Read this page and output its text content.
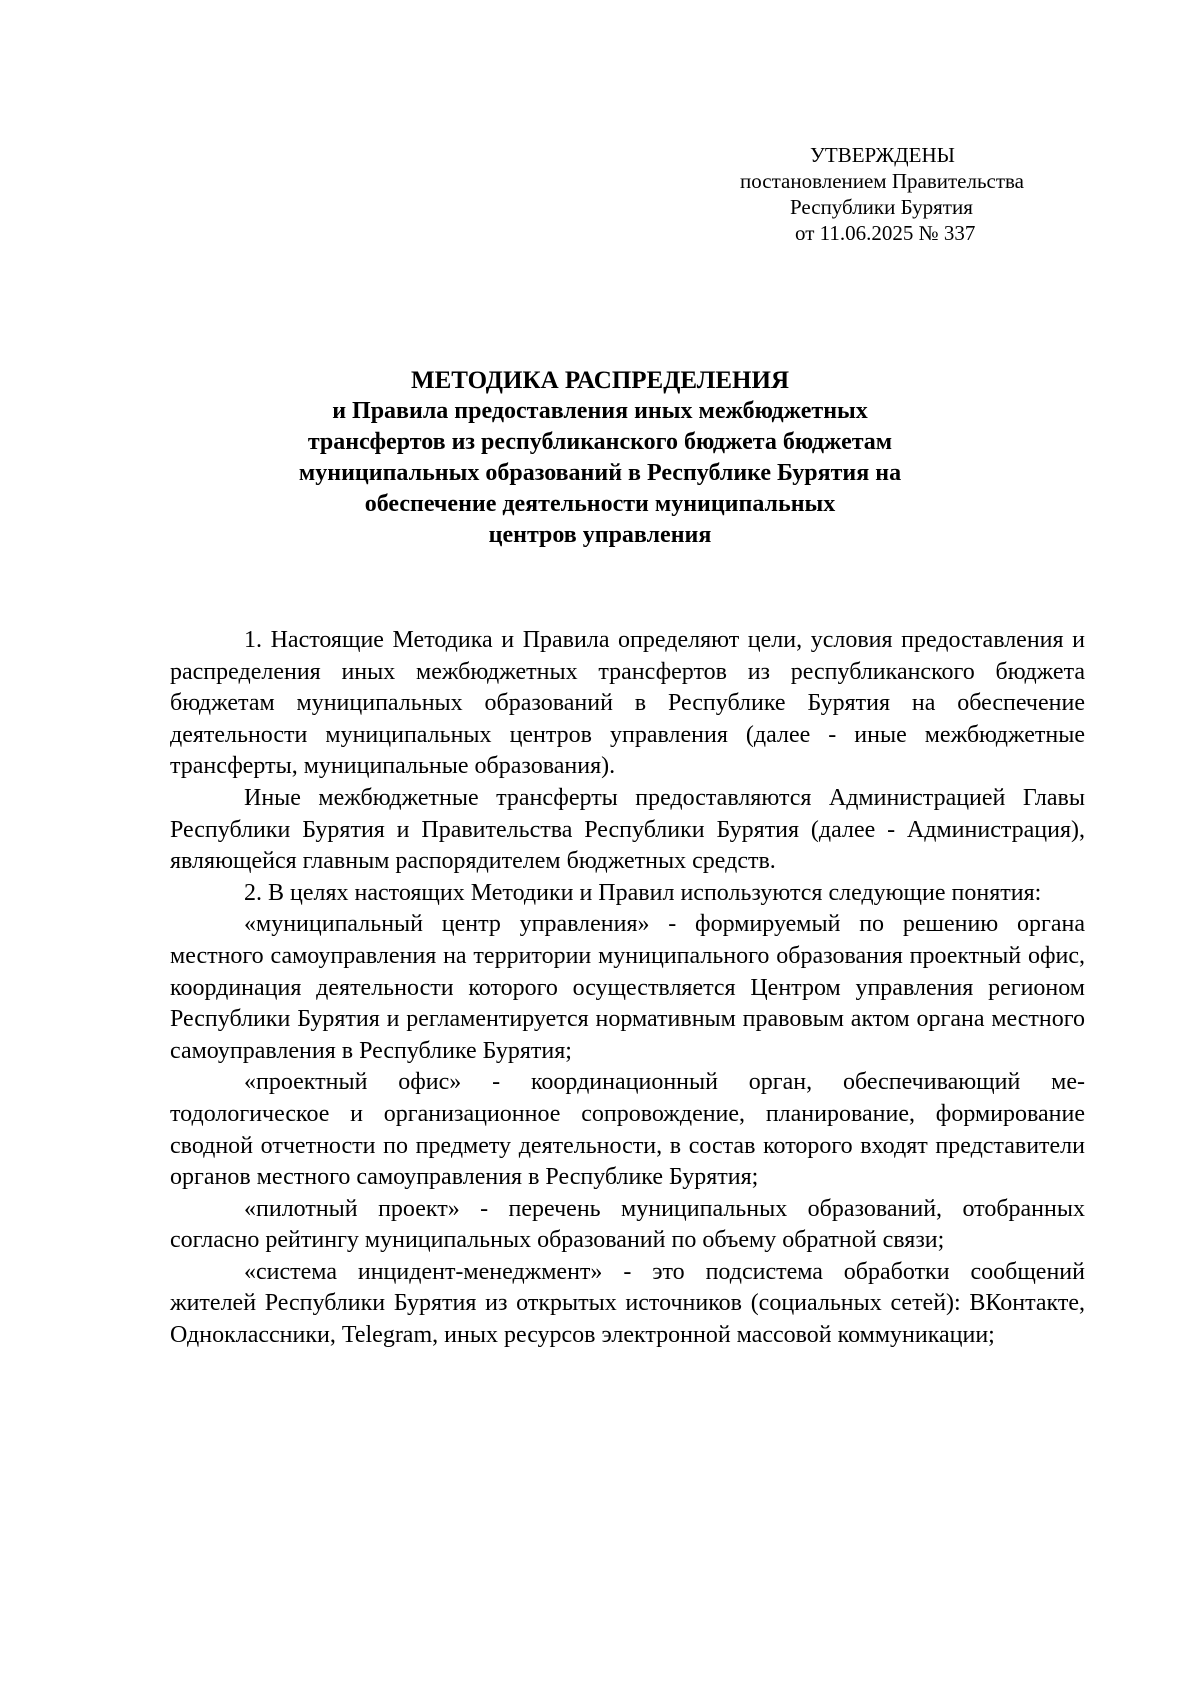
УТВЕРЖДЕНЫ
постановлением Правительства
Республики Бурятия
от 11.06.2025 № 337
МЕТОДИКА РАСПРЕДЕЛЕНИЯ
и Правила предоставления иных межбюджетных
трансфертов из республиканского бюджета бюджетам
муниципальных образований в Республике Бурятия на
обеспечение деятельности муниципальных
центров управления

1. Настоящие Методика и Правила определяют цели, условия предоставления и распределения иных межбюджетных трансфертов из республиканского бюджета бюджетам муниципальных образований в Республике Бурятия на обеспечение деятельности муниципальных центров управления (далее - иные межбюджетные трансферты, муниципальные образования).

Иные межбюджетные трансферты предоставляются Администрацией Главы Республики Бурятия и Правительства Республики Бурятия (далее - Администрация), являющейся главным распорядителем бюджетных средств.

2. В целях настоящих Методики и Правил используются следующие понятия:

«муниципальный центр управления» - формируемый по решению органа местного самоуправления на территории муниципального образования проектный офис, координация деятельности которого осуществляется Центром управления регионом Республики Бурятия и регламентируется нормативным правовым актом органа местного самоуправления в Республике Бурятия;

«проектный офис» - координационный орган, обеспечивающий методологическое и организационное сопровождение, планирование, формирование сводной отчетности по предмету деятельности, в состав которого входят представители органов местного самоуправления в Республике Бурятия;

«пилотный проект» - перечень муниципальных образований, отобранных согласно рейтингу муниципальных образований по объему обратной связи;

«система инцидент-менеджмент» - это подсистема обработки сообщений жителей Республики Бурятия из открытых источников (социальных сетей): ВКонтакте, Одноклассники, Telegram, иных ресурсов электронной массовой коммуникации;
